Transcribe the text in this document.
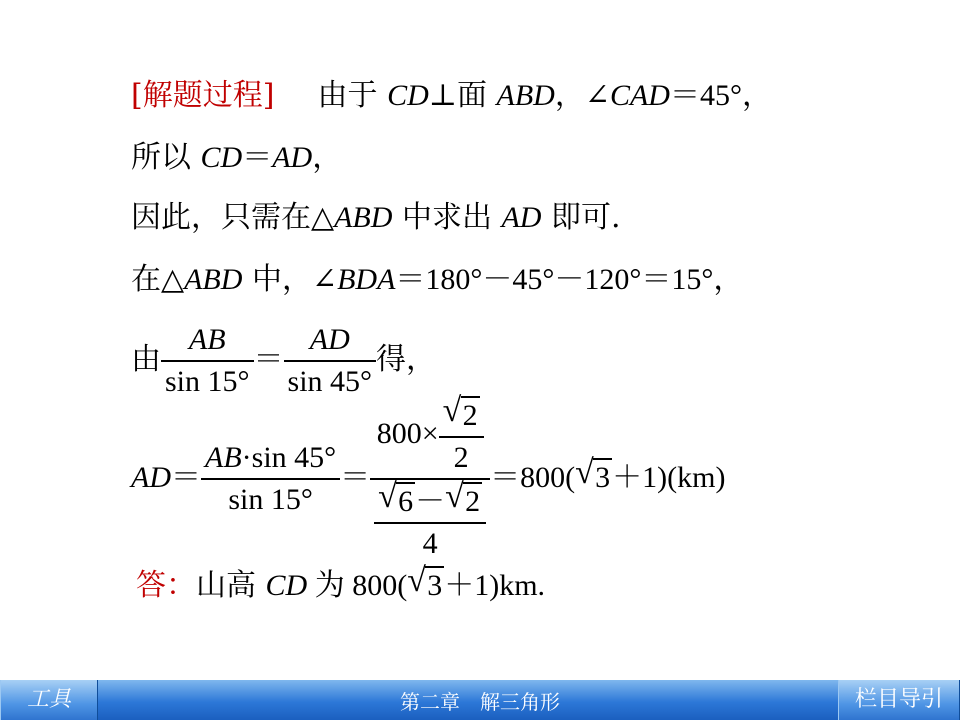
[解题过程] 由于 CD⊥面 ABD，∠CAD＝45°，
所以 CD＝AD，
因此，只需在△ABD 中求出 AD 即可.
在△ABD 中，∠BDA＝180°－45°－120°＝15°，
由 $\frac{AB}{\sin 15^\circ} = \frac{AD}{\sin 45^\circ}$ 得，
$AD= \frac{AB\cdot\sin 45^\circ}{\sin 15^\circ} = \frac{800\times \frac{√ 2}{2}}{\frac{√ 6- √ 2}{4}} =800$( √ 3＋1)(km)
答：山高 CD 为 800( √ 3＋1)km.
第二章　解三角形
工具	栏目导引
